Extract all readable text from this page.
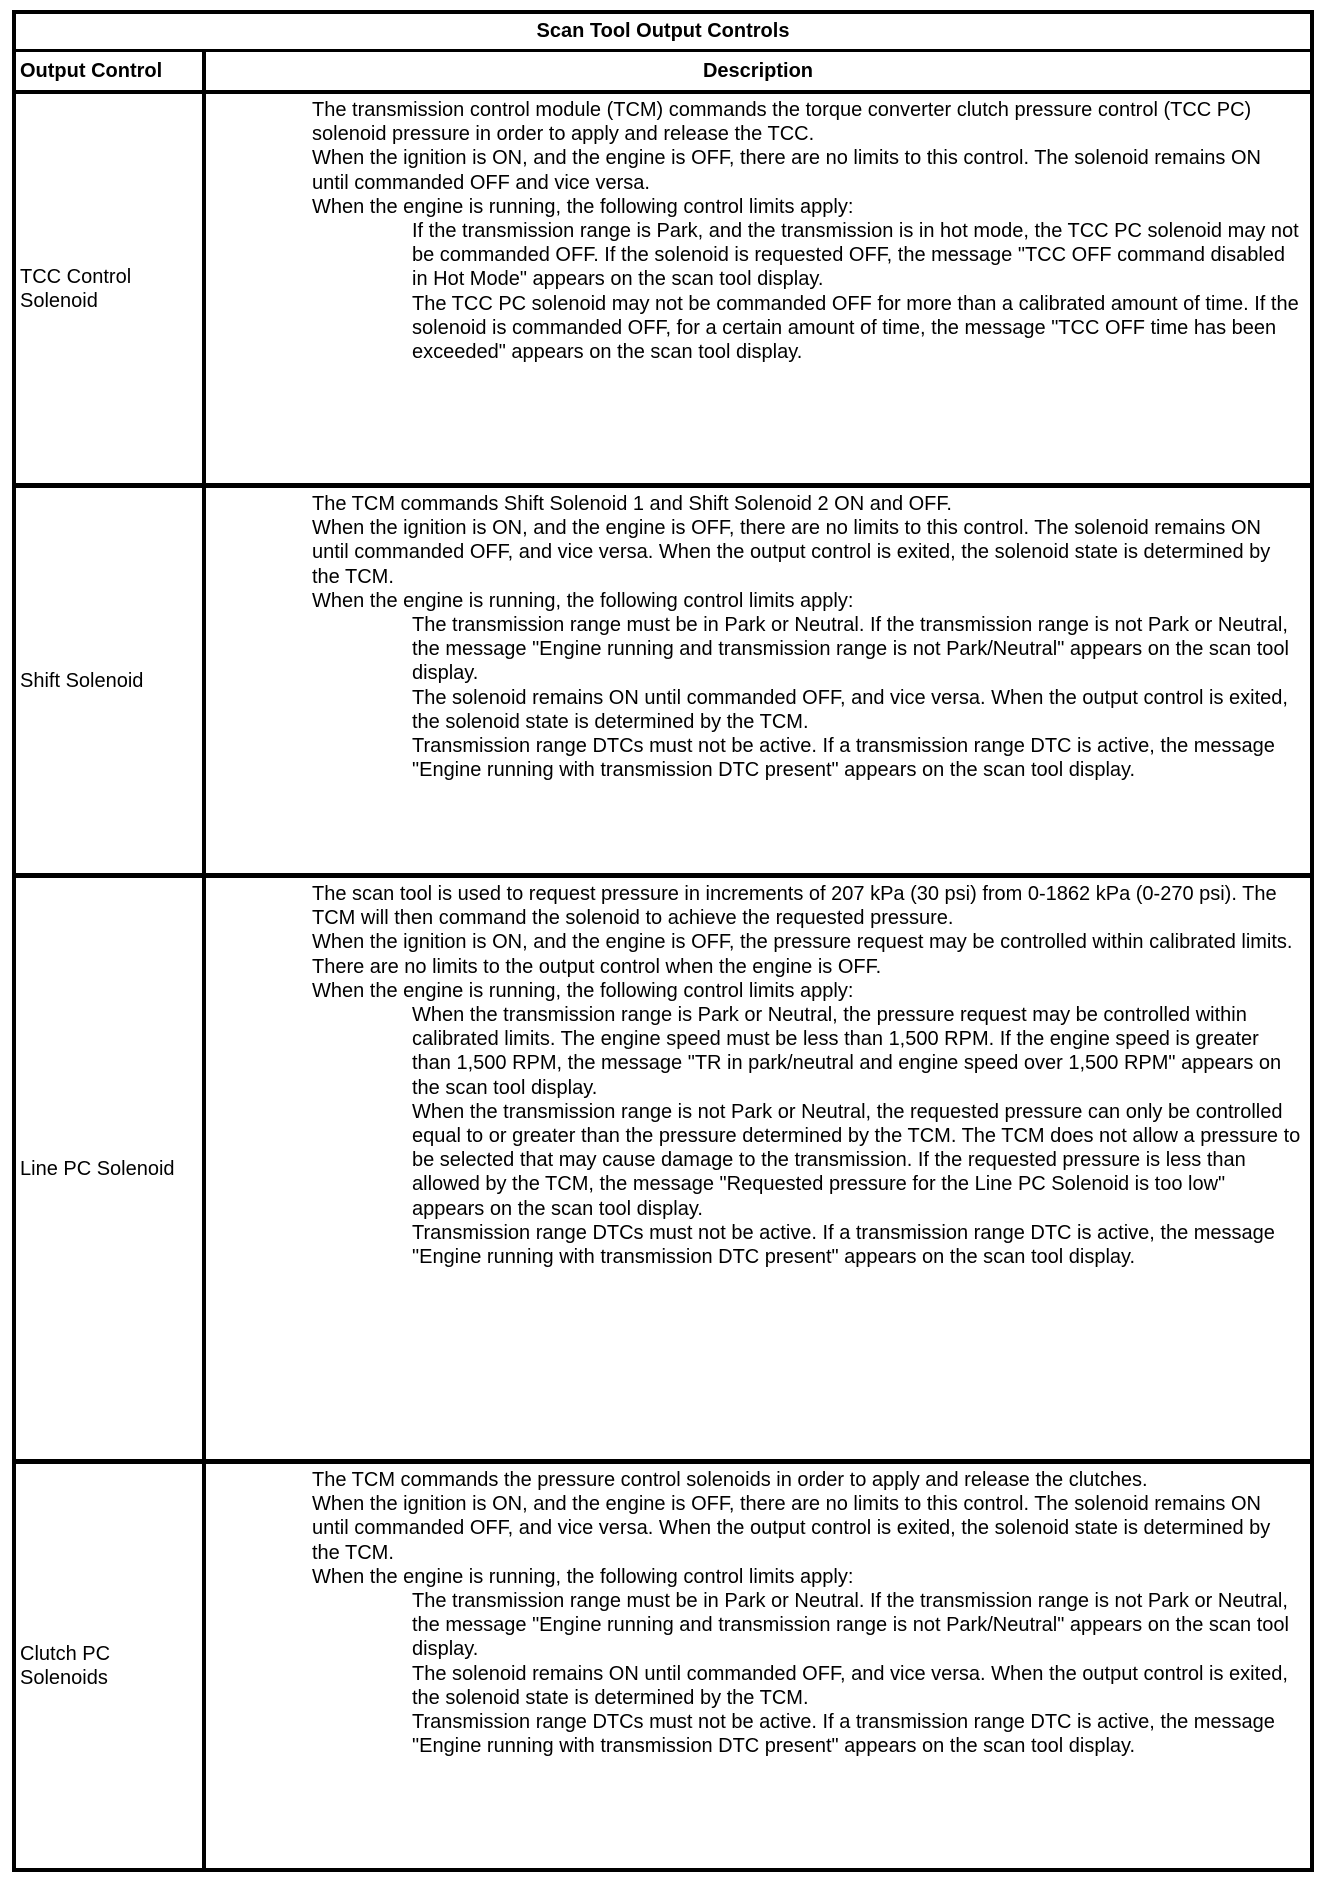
Scan Tool Output Controls
Output Control	Description
TCC Control Solenoid

The transmission control module (TCM) commands the torque converter clutch pressure control (TCC PC) solenoid pressure in order to apply and release the TCC.

When the ignition is ON, and the engine is OFF, there are no limits to this control. The solenoid remains ON until commanded OFF and vice versa.

When the engine is running, the following control limits apply:

If the transmission range is Park, and the transmission is in hot mode, the TCC PC solenoid may not be commanded OFF. If the solenoid is requested OFF, the message "TCC OFF command disabled in Hot Mode" appears on the scan tool display.

The TCC PC solenoid may not be commanded OFF for more than a calibrated amount of time. If the solenoid is commanded OFF, for a certain amount of time, the message "TCC OFF time has been exceeded" appears on the scan tool display.

Shift Solenoid

The TCM commands Shift Solenoid 1 and Shift Solenoid 2 ON and OFF.

When the ignition is ON, and the engine is OFF, there are no limits to this control. The solenoid remains ON until commanded OFF, and vice versa. When the output control is exited, the solenoid state is determined by the TCM.

When the engine is running, the following control limits apply:

The transmission range must be in Park or Neutral. If the transmission range is not Park or Neutral, the message "Engine running and transmission range is not Park/Neutral" appears on the scan tool display.

The solenoid remains ON until commanded OFF, and vice versa. When the output control is exited, the solenoid state is determined by the TCM.

Transmission range DTCs must not be active. If a transmission range DTC is active, the message "Engine running with transmission DTC present" appears on the scan tool display.

Line PC Solenoid

The scan tool is used to request pressure in increments of 207 kPa (30 psi) from 0-1862 kPa (0-270 psi). The TCM will then command the solenoid to achieve the requested pressure.

When the ignition is ON, and the engine is OFF, the pressure request may be controlled within calibrated limits. There are no limits to the output control when the engine is OFF.

When the engine is running, the following control limits apply:

When the transmission range is Park or Neutral, the pressure request may be controlled within calibrated limits. The engine speed must be less than 1,500 RPM. If the engine speed is greater than 1,500 RPM, the message "TR in park/neutral and engine speed over 1,500 RPM" appears on the scan tool display.

When the transmission range is not Park or Neutral, the requested pressure can only be controlled equal to or greater than the pressure determined by the TCM. The TCM does not allow a pressure to be selected that may cause damage to the transmission. If the requested pressure is less than allowed by the TCM, the message "Requested pressure for the Line PC Solenoid is too low" appears on the scan tool display.

Transmission range DTCs must not be active. If a transmission range DTC is active, the message "Engine running with transmission DTC present" appears on the scan tool display.

Clutch PC Solenoids

The TCM commands the pressure control solenoids in order to apply and release the clutches.

When the ignition is ON, and the engine is OFF, there are no limits to this control. The solenoid remains ON until commanded OFF, and vice versa. When the output control is exited, the solenoid state is determined by the TCM.

When the engine is running, the following control limits apply:

The transmission range must be in Park or Neutral. If the transmission range is not Park or Neutral, the message "Engine running and transmission range is not Park/Neutral" appears on the scan tool display.

The solenoid remains ON until commanded OFF, and vice versa. When the output control is exited, the solenoid state is determined by the TCM.

Transmission range DTCs must not be active. If a transmission range DTC is active, the message "Engine running with transmission DTC present" appears on the scan tool display.
